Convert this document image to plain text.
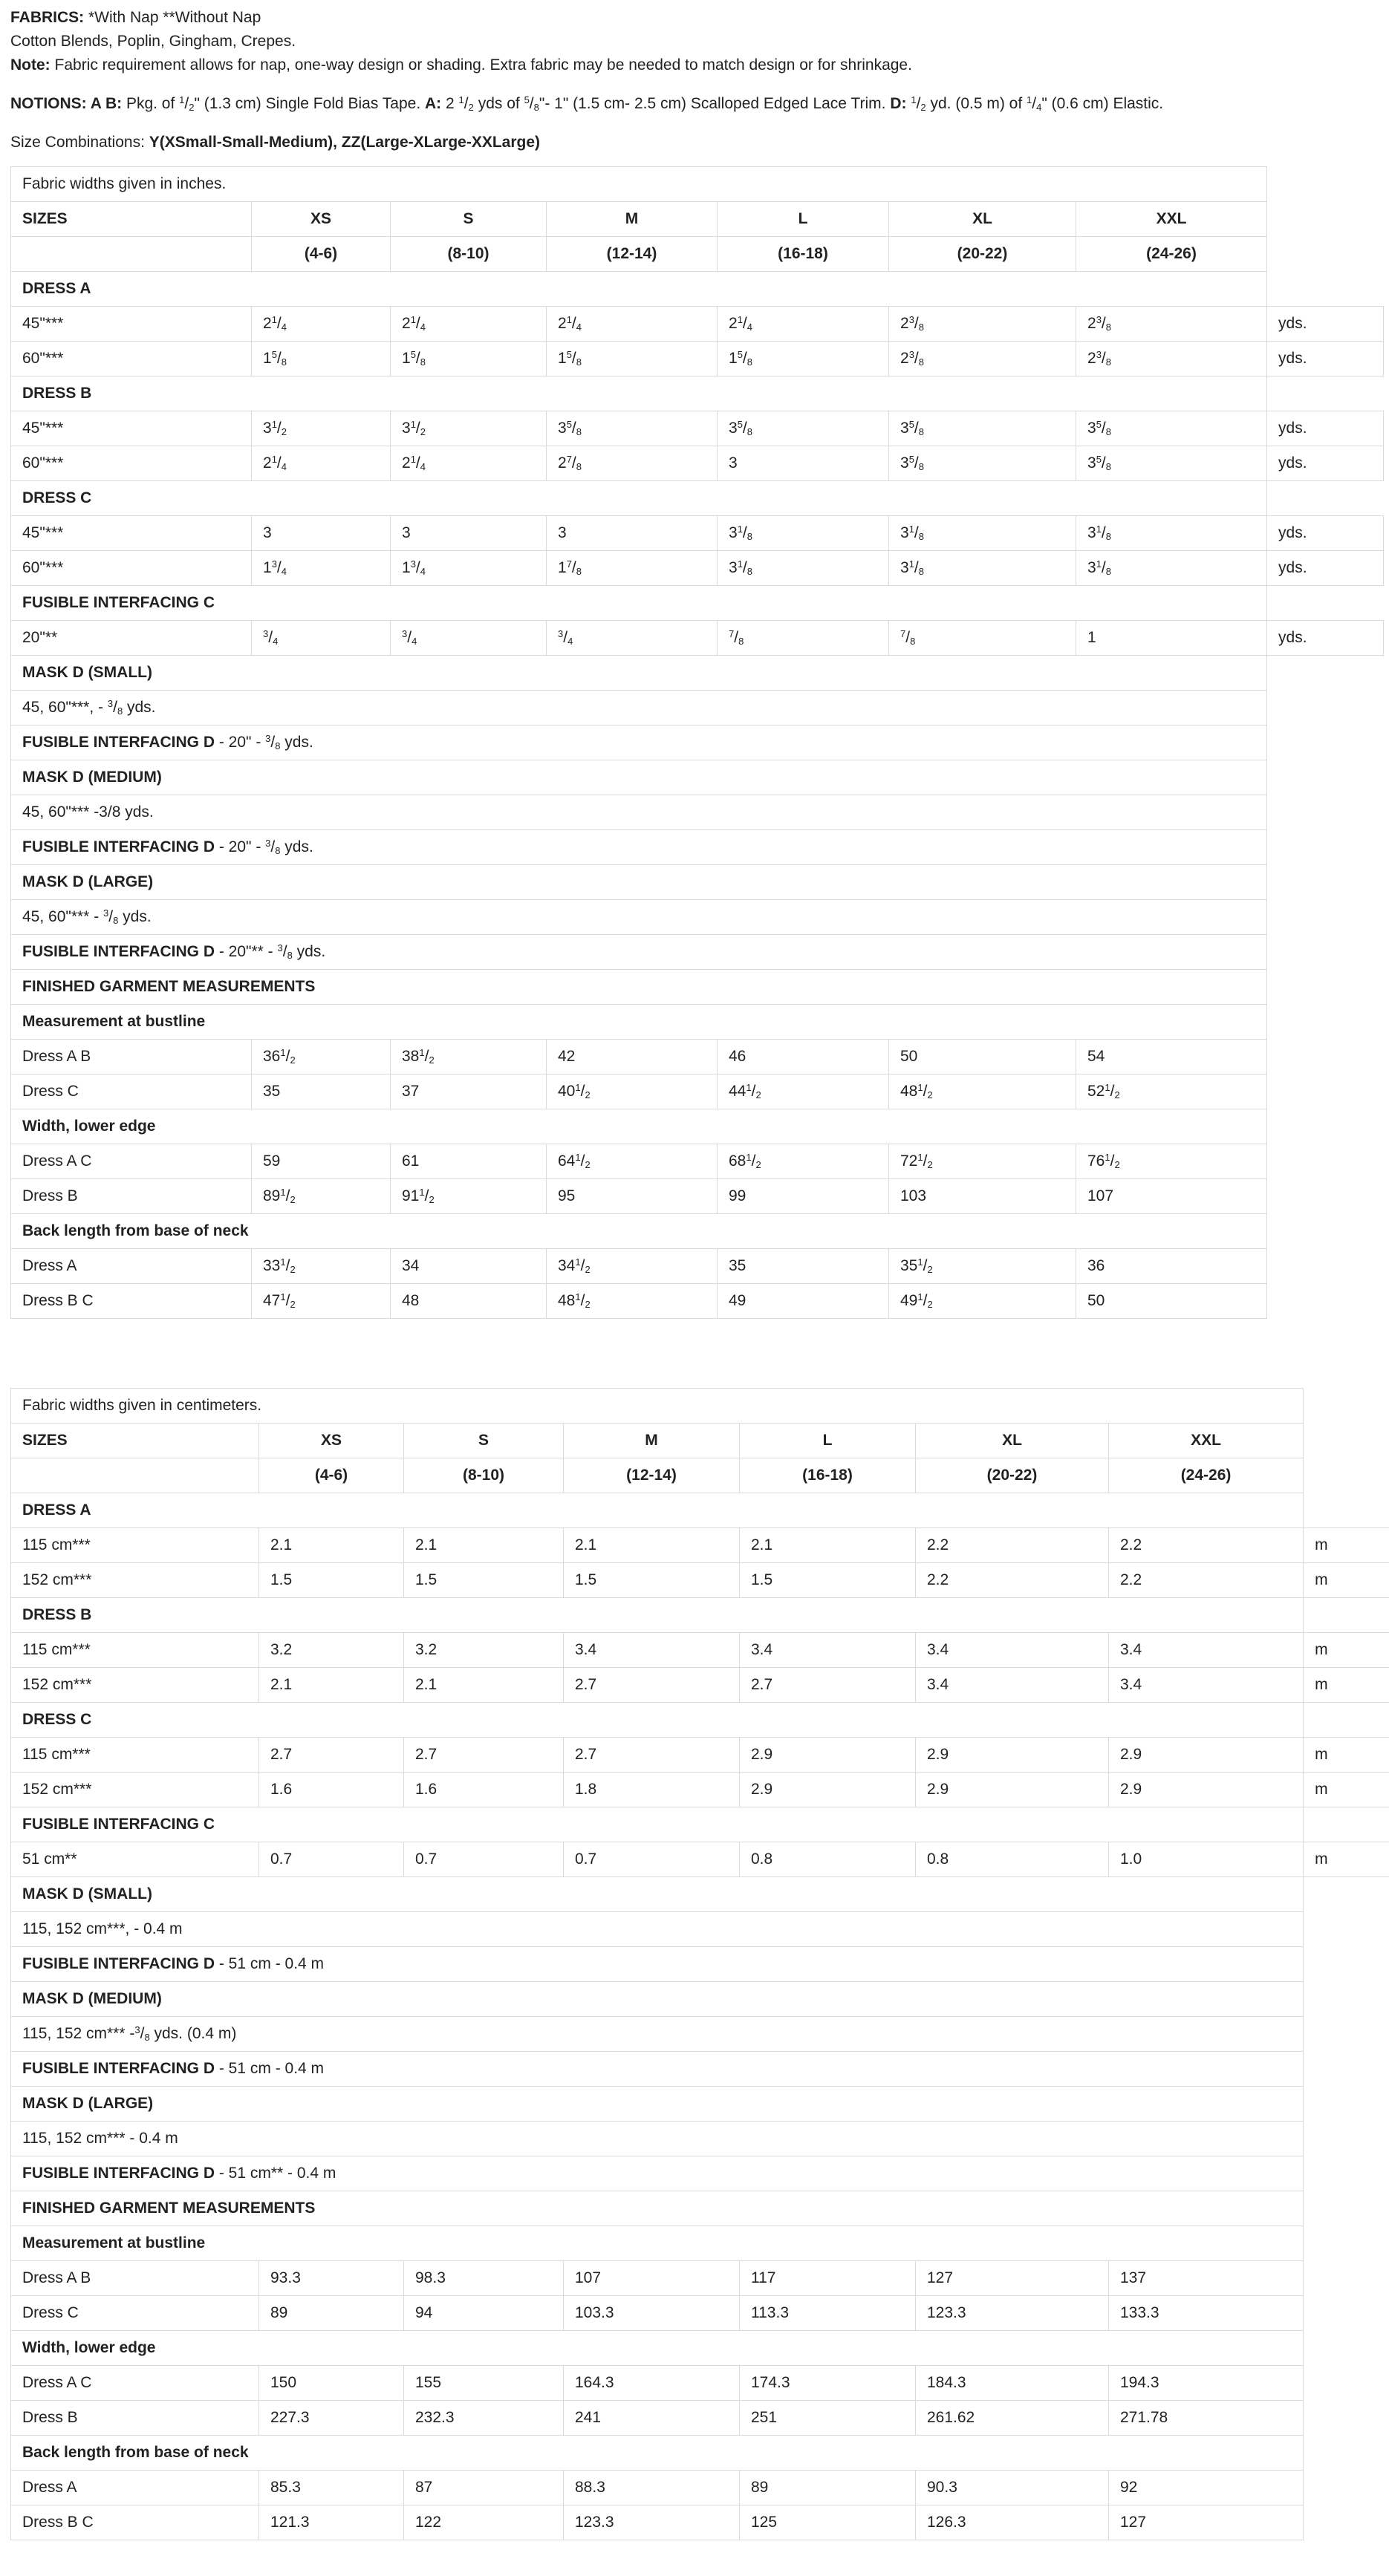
FABRICS: *With Nap **Without Nap

Cotton Blends, Poplin, Gingham, Crepes.

Note: Fabric requirement allows for nap, one-way design or shading. Extra fabric may be needed to match design or for shrinkage.

NOTIONS: A B: Pkg. of $^1/_2$" (1.3 cm) Single Fold Bias Tape. A: 2 $^1/_2$ yds of $^5/_8"-$ 1" (1.5 cm- 2.5 cm) Scalloped Edged Lace Trim. D: $^1/_2$ yd. (0.5 m) of $^1/_4$" (0.6 cm) Elastic.

Size Combinations: Y(XSmall-Small-Medium), ZZ(Large-XLarge-XXLarge)

Fabric widths given in inches.							
SIZES	XS	S	M	L	XL	XXL	
	(4-6)	(8-10)	(12-14)	(16-18)	(20-22)	(24-26)	
DRESS A							
45"***	$2^1/_4$	$2^1/_4$	$2^1/_4$	$2^1/_4$	$2^3/_8$	$2^3/_8$	yds.
60"***	$1^5/_8$	$1^5/_8$	$1^5/_8$	$1^5/_8$	$2^3/_8$	$2^3/_8$	yds.
DRESS B							
45"***	$3^1/_2$	$3^1/_2$	$3^5/_8$	$3^5/_8$	$3^5/_8$	$3^5/_8$	yds.
60"***	$2^1/_4$	$2^1/_4$	$2^7/_8$	3	$3^5/_8$	$3^5/_8$	yds.
DRESS C							
45"***	3	3	3	$3^1/_8$	$3^1/_8$	$3^1/_8$	yds.
60"***	$1^3/_4$	$1^3/_4$	$1^7/_8$	$3^1/_8$	$3^1/_8$	$3^1/_8$	yds.
FUSIBLE INTERFACING C							
20"**	$^3/_4$	$^3/_4$	$^3/_4$	$^7/_8$	$^7/_8$	1	yds.
MASK D (SMALL)							
45, 60"***, - $^3/_8$ yds.							
FUSIBLE INTERFACING D - 20" - $^3/_8$ yds.							
MASK D (MEDIUM)							
45, 60"*** -3/8 yds.							
FUSIBLE INTERFACING D - 20" - $^3/_8$ yds.							
MASK D (LARGE)							
45, 60"*** - $^3/_8$ yds.							
FUSIBLE INTERFACING D - 20"** - $^3/_8$ yds.							
FINISHED GARMENT MEASUREMENTS							
Measurement at bustline							
Dress A B	$36^1/_2$	$38^1/_2$	42	46	50	54	
Dress C	35	37	$40^1/_2$	$44^1/_2$	$48^1/_2$	$52^1/_2$	
Width, lower edge							
Dress A C	59	61	$64^1/_2$	$68^1/_2$	$72^1/_2$	$76^1/_2$	
Dress B	$89^1/_2$	$91^1/_2$	95	99	103	107	
Back length from base of neck							
Dress A	$33^1/_2$	34	$34^1/_2$	35	$35^1/_2$	36	
Dress B C	$47^1/_2$	48	$48^1/_2$	49	$49^1/_2$	50	
Fabric widths given in centimeters.							
SIZES	XS	S	M	L	XL	XXL	
	(4-6)	(8-10)	(12-14)	(16-18)	(20-22)	(24-26)	
DRESS A							
115 cm***	2.1	2.1	2.1	2.1	2.2	2.2	m
152 cm***	1.5	1.5	1.5	1.5	2.2	2.2	m
DRESS B							
115 cm***	3.2	3.2	3.4	3.4	3.4	3.4	m
152 cm***	2.1	2.1	2.7	2.7	3.4	3.4	m
DRESS C							
115 cm***	2.7	2.7	2.7	2.9	2.9	2.9	m
152 cm***	1.6	1.6	1.8	2.9	2.9	2.9	m
FUSIBLE INTERFACING C							
51 cm**	0.7	0.7	0.7	0.8	0.8	1.0	m
MASK D (SMALL)							
115, 152 cm***, - 0.4 m							
FUSIBLE INTERFACING D - 51 cm - 0.4 m							
MASK D (MEDIUM)							
115, 152 cm*** $-^3/_8$ yds. (0.4 m)							
FUSIBLE INTERFACING D - 51 cm - 0.4 m							
MASK D (LARGE)							
115, 152 cm*** - 0.4 m							
FUSIBLE INTERFACING D - 51 cm** - 0.4 m							
FINISHED GARMENT MEASUREMENTS							
Measurement at bustline							
Dress A B	93.3	98.3	107	117	127	137	
Dress C	89	94	103.3	113.3	123.3	133.3	
Width, lower edge							
Dress A C	150	155	164.3	174.3	184.3	194.3	
Dress B	227.3	232.3	241	251	261.62	271.78	
Back length from base of neck							
Dress A	85.3	87	88.3	89	90.3	92	
Dress B C	121.3	122	123.3	125	126.3	127	
